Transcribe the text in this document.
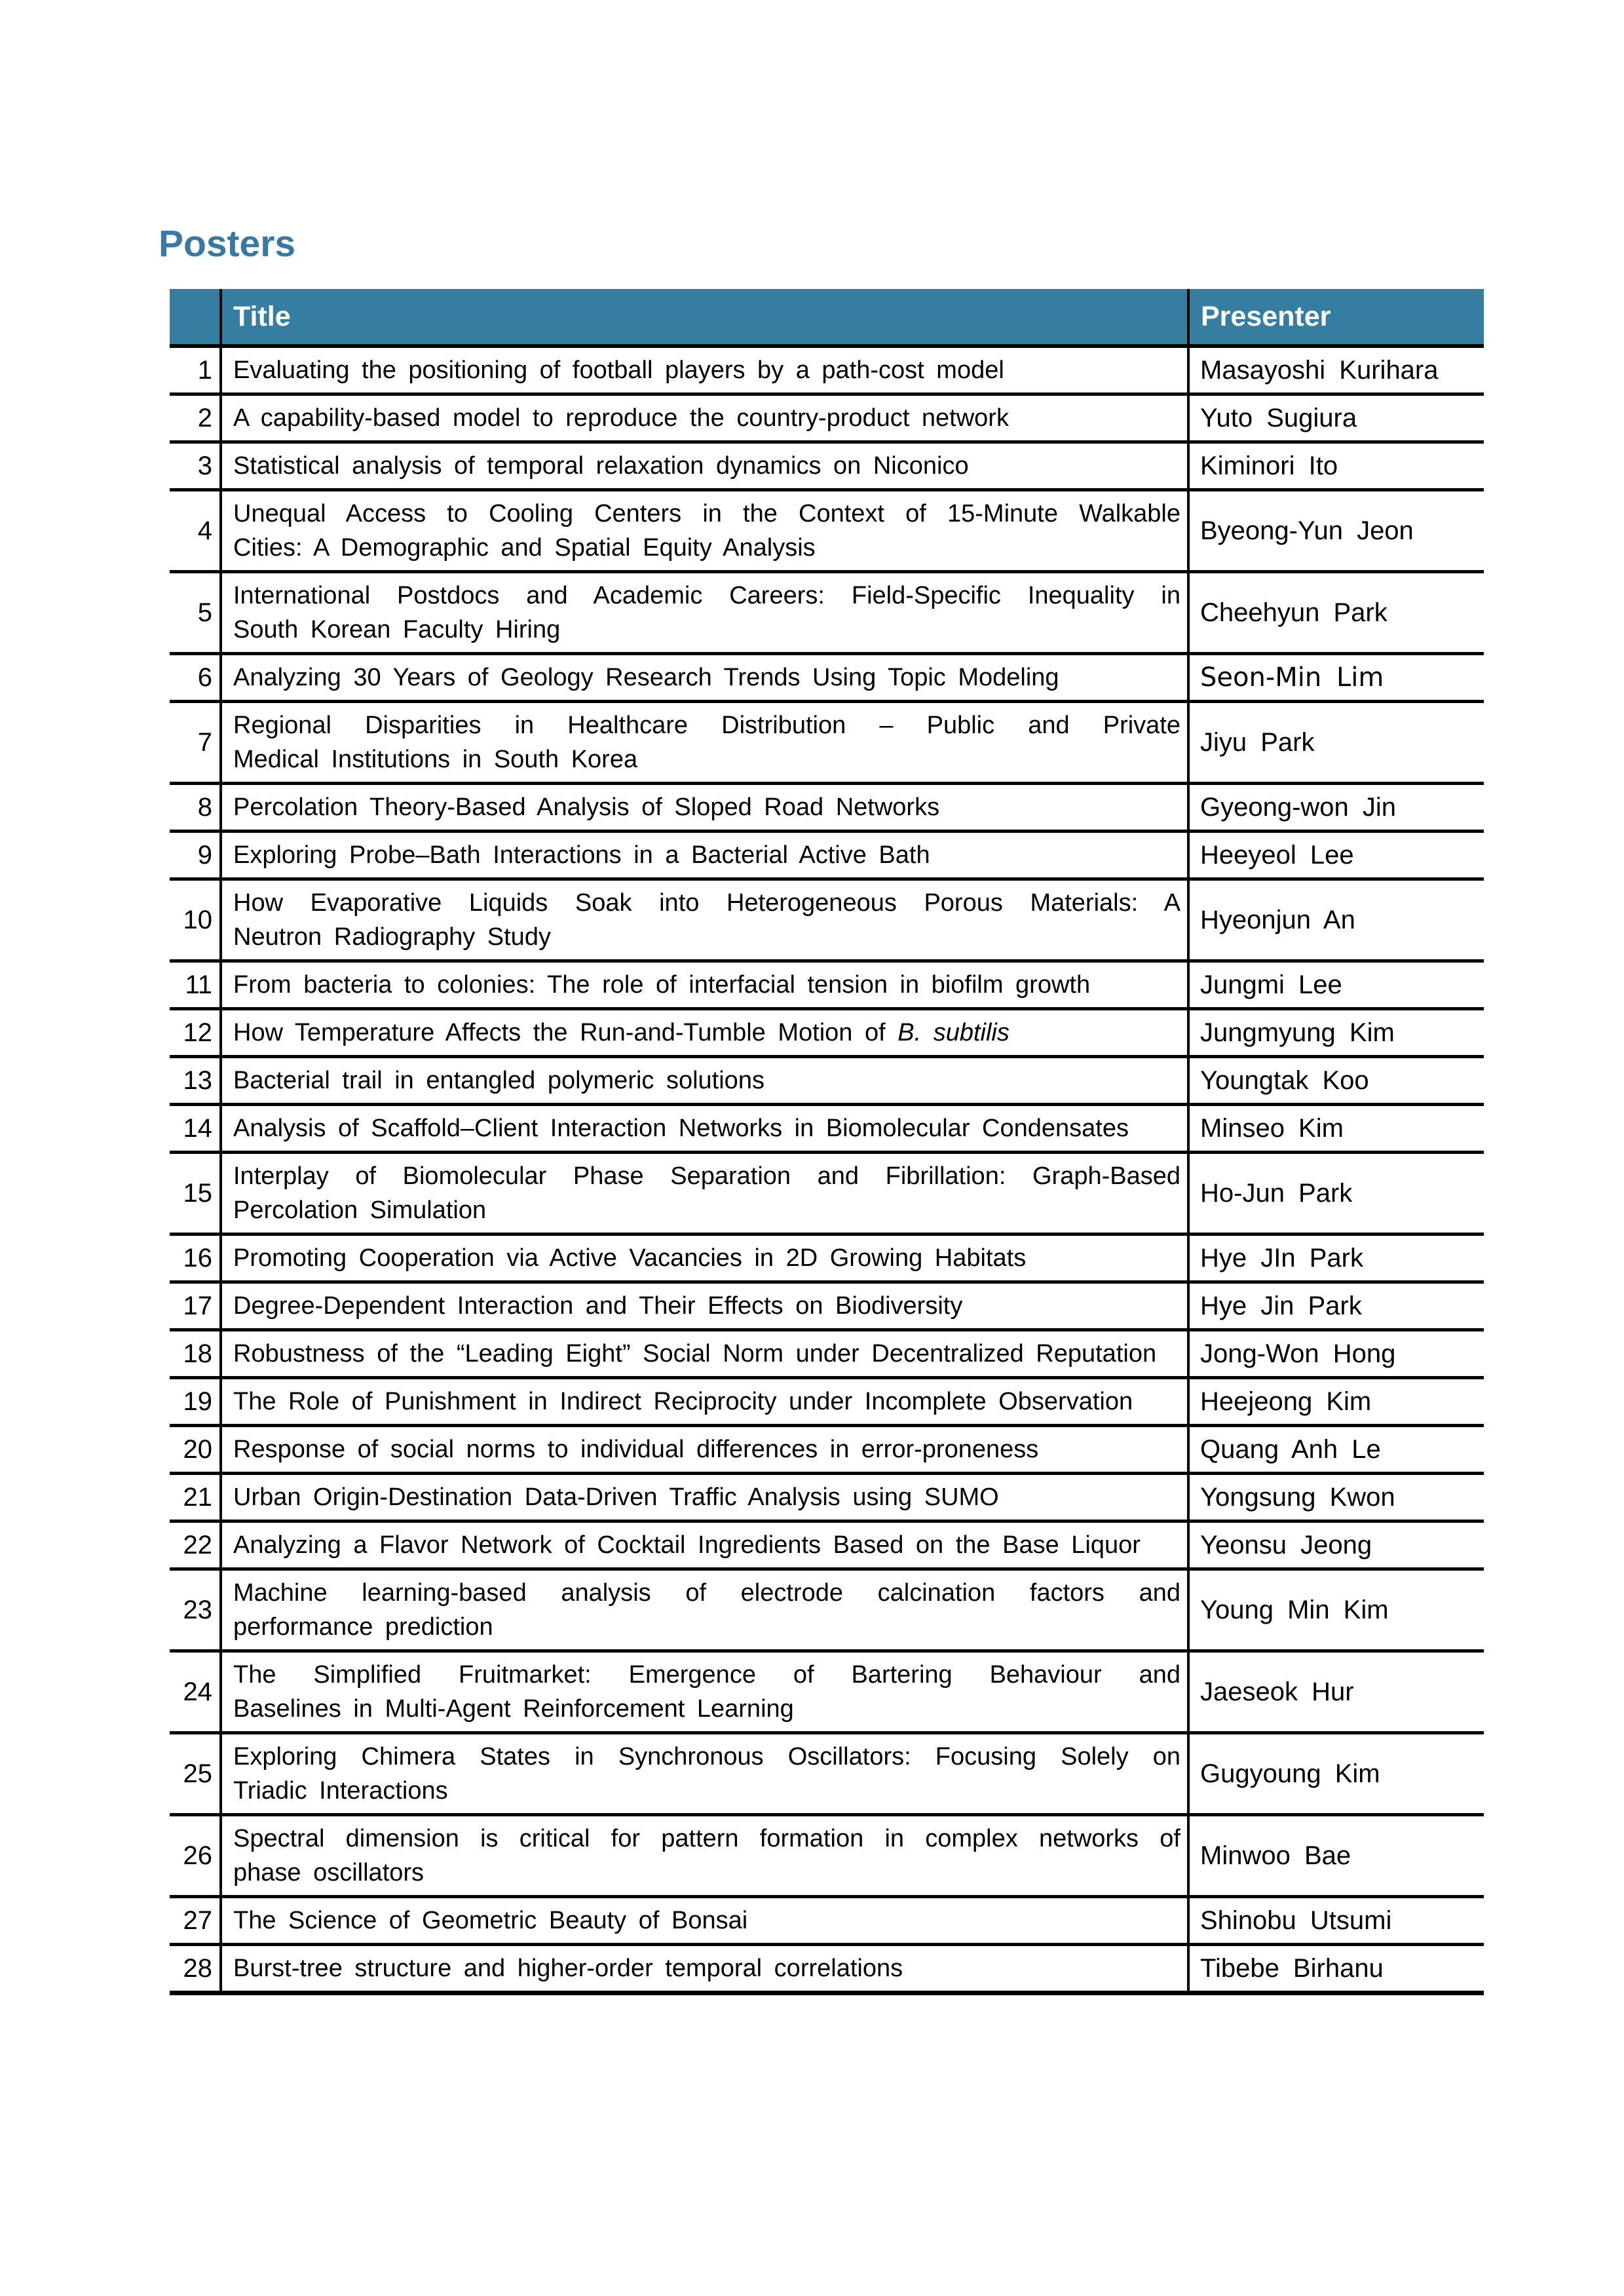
Posters
	Title	Presenter
1	Evaluating the positioning of football players by a path-cost model	Masayoshi Kurihara
2	A capability-based model to reproduce the country-product network	Yuto Sugiura
3	Statistical analysis of temporal relaxation dynamics on Niconico	Kiminori Ito
4	Unequal Access to Cooling Centers in the Context of 15-Minute Walkable
Cities: A Demographic and Spatial Equity Analysis	Byeong-Yun Jeon
5	International Postdocs and Academic Careers: Field-Specific Inequality in
South Korean Faculty Hiring	Cheehyun Park
6	Analyzing 30 Years of Geology Research Trends Using Topic Modeling	Seon-Min Lim
7	Regional Disparities in Healthcare Distribution – Public and Private
Medical Institutions in South Korea	Jiyu Park
8	Percolation Theory-Based Analysis of Sloped Road Networks	Gyeong-won Jin
9	Exploring Probe–Bath Interactions in a Bacterial Active Bath	Heeyeol Lee
10	How Evaporative Liquids Soak into Heterogeneous Porous Materials: A
Neutron Radiography Study	Hyeonjun An
11	From bacteria to colonies: The role of interfacial tension in biofilm growth	Jungmi Lee
12	How Temperature Affects the Run-and-Tumble Motion of B. subtilis	Jungmyung Kim
13	Bacterial trail in entangled polymeric solutions	Youngtak Koo
14	Analysis of Scaffold–Client Interaction Networks in Biomolecular Condensates	Minseo Kim
15	Interplay of Biomolecular Phase Separation and Fibrillation: Graph-Based
Percolation Simulation	Ho-Jun Park
16	Promoting Cooperation via Active Vacancies in 2D Growing Habitats	Hye JIn Park
17	Degree-Dependent Interaction and Their Effects on Biodiversity	Hye Jin Park
18	Robustness of the “Leading Eight” Social Norm under Decentralized Reputation	Jong-Won Hong
19	The Role of Punishment in Indirect Reciprocity under Incomplete Observation	Heejeong Kim
20	Response of social norms to individual differences in error-proneness	Quang Anh Le
21	Urban Origin-Destination Data-Driven Traffic Analysis using SUMO	Yongsung Kwon
22	Analyzing a Flavor Network of Cocktail Ingredients Based on the Base Liquor	Yeonsu Jeong
23	Machine learning-based analysis of electrode calcination factors and
performance prediction	Young Min Kim
24	The Simplified Fruitmarket: Emergence of Bartering Behaviour and
Baselines in Multi-Agent Reinforcement Learning	Jaeseok Hur
25	Exploring Chimera States in Synchronous Oscillators: Focusing Solely on
Triadic Interactions	Gugyoung Kim
26	Spectral dimension is critical for pattern formation in complex networks of
phase oscillators	Minwoo Bae
27	The Science of Geometric Beauty of Bonsai	Shinobu Utsumi
28	Burst-tree structure and higher-order temporal correlations	Tibebe Birhanu
